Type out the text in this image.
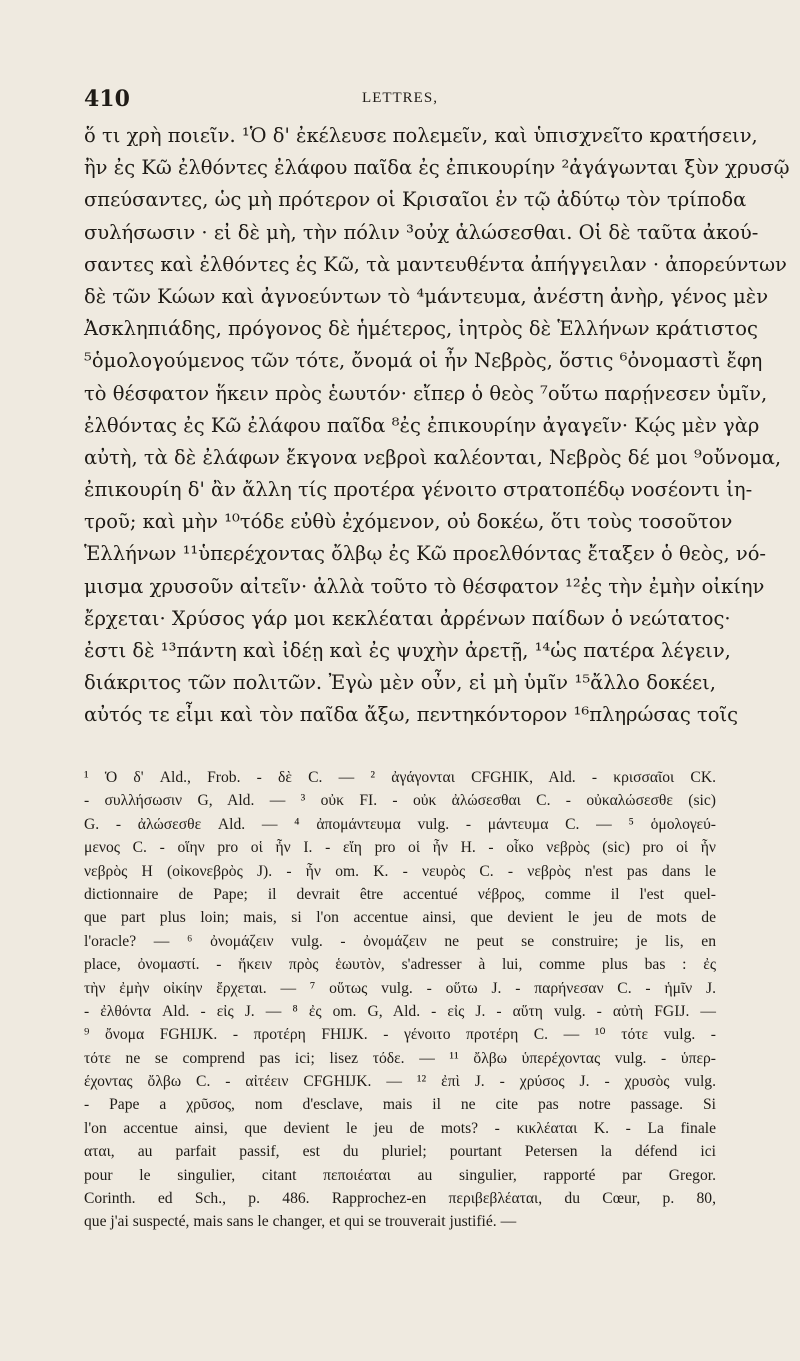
410	LETTRES,
ὅ τι χρὴ ποιεῖν. ¹Ὁ δ' ἐκέλευσε πολεμεῖν, καὶ ὑπισχνεῖτο κρατήσειν,
ἢν ἐς Κῶ ἐλθόντες ἐλάφου παῖδα ἐς ἐπικουρίην ²ἀγάγωνται ξὺν χρυσῷ
σπεύσαντες, ὡς μὴ πρότερον οἱ Κρισαῖοι ἐν τῷ ἀδύτῳ τὸν τρίποδα
συλήσωσιν · εἰ δὲ μὴ, τὴν πόλιν ³οὐχ ἁλώσεσθαι. Οἱ δὲ ταῦτα ἀκού-
σαντες καὶ ἐλθόντες ἐς Κῶ, τὰ μαντευθέντα ἀπήγγειλαν · ἀπορεύντων
δὲ τῶν Κώων καὶ ἀγνοεύντων τὸ ⁴μάντευμα, ἀνέστη ἀνὴρ, γένος μὲν
Ἀσκληπιάδης, πρόγονος δὲ ἡμέτερος, ἰητρὸς δὲ Ἑλλήνων κράτιστος
⁵ὁμολογούμενος τῶν τότε, ὄνομά οἱ ἦν Νεβρὸς, ὅστις ⁶ὀνομαστὶ ἔφη
τὸ θέσφατον ἥκειν πρὸς ἑωυτόν· εἴπερ ὁ θεὸς ⁷οὕτω παρῄνεσεν ὑμῖν,
ἐλθόντας ἐς Κῶ ἐλάφου παῖδα ⁸ἐς ἐπικουρίην ἀγαγεῖν· Κῴς μὲν γὰρ
αὐτὴ, τὰ δὲ ἐλάφων ἔκγονα νεβροὶ καλέονται, Νεβρὸς δέ μοι ⁹οὔνομα,
ἐπικουρίη δ' ἂν ἄλλη τίς προτέρα γένοιτο στρατοπέδῳ νοσέοντι ἰη-
τροῦ; καὶ μὴν ¹⁰τόδε εὐθὺ ἐχόμενον, οὐ δοκέω, ὅτι τοὺς τοσοῦτον
Ἑλλήνων ¹¹ὑπερέχοντας ὄλβῳ ἐς Κῶ προελθόντας ἔταξεν ὁ θεὸς, νό-
μισμα χρυσοῦν αἰτεῖν· ἀλλὰ τοῦτο τὸ θέσφατον ¹²ἐς τὴν ἐμὴν οἰκίην
ἔρχεται· Χρύσος γάρ μοι κεκλέαται ἀρρένων παίδων ὁ νεώτατος·
ἐστι δὲ ¹³πάντη καὶ ἰδέῃ καὶ ἐς ψυχὴν ἀρετῇ, ¹⁴ὡς πατέρα λέγειν,
διάκριτος τῶν πολιτῶν. Ἐγὼ μὲν οὖν, εἰ μὴ ὑμῖν ¹⁵ἄλλο δοκέει,
αὐτός τε εἶμι καὶ τὸν παῖδα ἄξω, πεντηκόντορον ¹⁶πληρώσας τοῖς
¹ Ὁ δ' Ald., Frob. - δὲ C. — ² ἀγάγονται CFGHIK, Ald. - κρισσαῖοι CK.
- συλλήσωσιν G, Ald. — ³ οὐκ FI. - οὐκ ἀλώσεσθαι C. - οὐκαλώσεσθε (sic)
G. - ἀλώσεσθε Ald. — ⁴ ἀπομάντευμα vulg. - μάντευμα C. — ⁵ ὁμολογεύ-
μενος C. - οἵην pro οἱ ἦν I. - εἴη pro οἱ ἦν H. - οἶκο νεβρὸς (sic) pro οἱ ἦν
νεβρὸς H (οἰκονεβρὸς J). - ἦν om. K. - νευρὸς C. - νεβρὸς n'est pas dans le
dictionnaire de Pape; il devrait être accentué νέβρος, comme il l'est quel-
que part plus loin; mais, si l'on accentue ainsi, que devient le jeu de mots de
l'oracle? — ⁶ ὀνομάζειν vulg. - ὀνομάζειν ne peut se construire; je lis, en
place, ὀνομαστί. - ἥκειν πρὸς ἑωυτὸν, s'adresser à lui, comme plus bas : ἐς
τὴν ἐμὴν οἰκίην ἔρχεται. — ⁷ οὕτως vulg. - οὕτω J. - παρήνεσαν C. - ἡμῖν J.
- ἐλθόντα Ald. - εἰς J. — ⁸ ἐς om. G, Ald. - εἰς J. - αὕτη vulg. - αὐτὴ FGIJ. —
⁹ ὄνομα FGHIJK. - προτέρη FHIJK. - γένοιτο προτέρη C. — ¹⁰ τότε vulg. -
τότε ne se comprend pas ici; lisez τόδε. — ¹¹ ὄλβω ὑπερέχοντας vulg. - ὑπερ-
έχοντας ὄλβω C. - αἰτέειν CFGHIJK. — ¹² ἐπὶ J. - χρύσος J. - χρυσὸς vulg.
- Pape a χρῦσος, nom d'esclave, mais il ne cite pas notre passage. Si
l'on accentue ainsi, que devient le jeu de mots? - κικλέαται K. - La finale
αται, au parfait passif, est du pluriel; pourtant Petersen la défend ici
pour le singulier, citant πεποιέαται au singulier, rapporté par Gregor.
Corinth. ed Sch., p. 486. Rapprochez-en περιβεβλέαται, du Cœur, p. 80,
que j'ai suspecté, mais sans le changer, et qui se trouverait justifié. —
